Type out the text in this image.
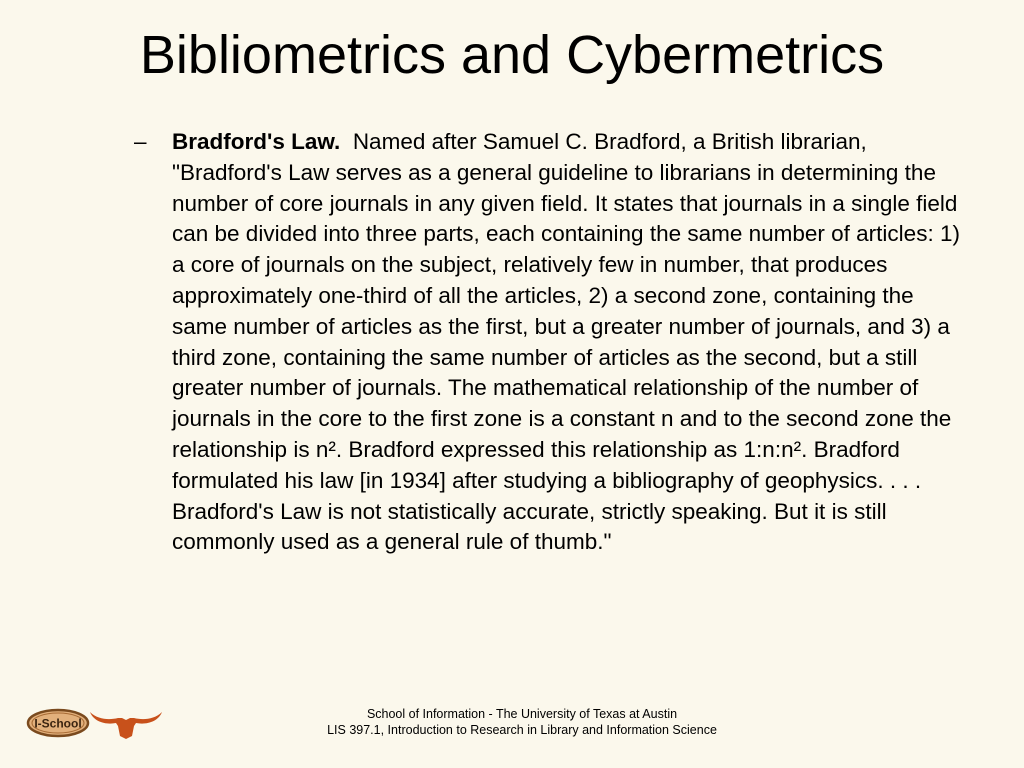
Bibliometrics and Cybermetrics
– Bradford's Law. Named after Samuel C. Bradford, a British librarian, "Bradford's Law serves as a general guideline to librarians in determining the number of core journals in any given field. It states that journals in a single field can be divided into three parts, each containing the same number of articles: 1) a core of journals on the subject, relatively few in number, that produces approximately one-third of all the articles, 2) a second zone, containing the same number of articles as the first, but a greater number of journals, and 3) a third zone, containing the same number of articles as the second, but a still greater number of journals. The mathematical relationship of the number of journals in the core to the first zone is a constant n and to the second zone the relationship is n². Bradford expressed this relationship as 1:n:n². Bradford formulated his law [in 1934] after studying a bibliography of geophysics. . . . Bradford's Law is not statistically accurate, strictly speaking. But it is still commonly used as a general rule of thumb."
I-School
School of Information - The University of Texas at Austin
LIS 397.1, Introduction to Research in Library and Information Science
